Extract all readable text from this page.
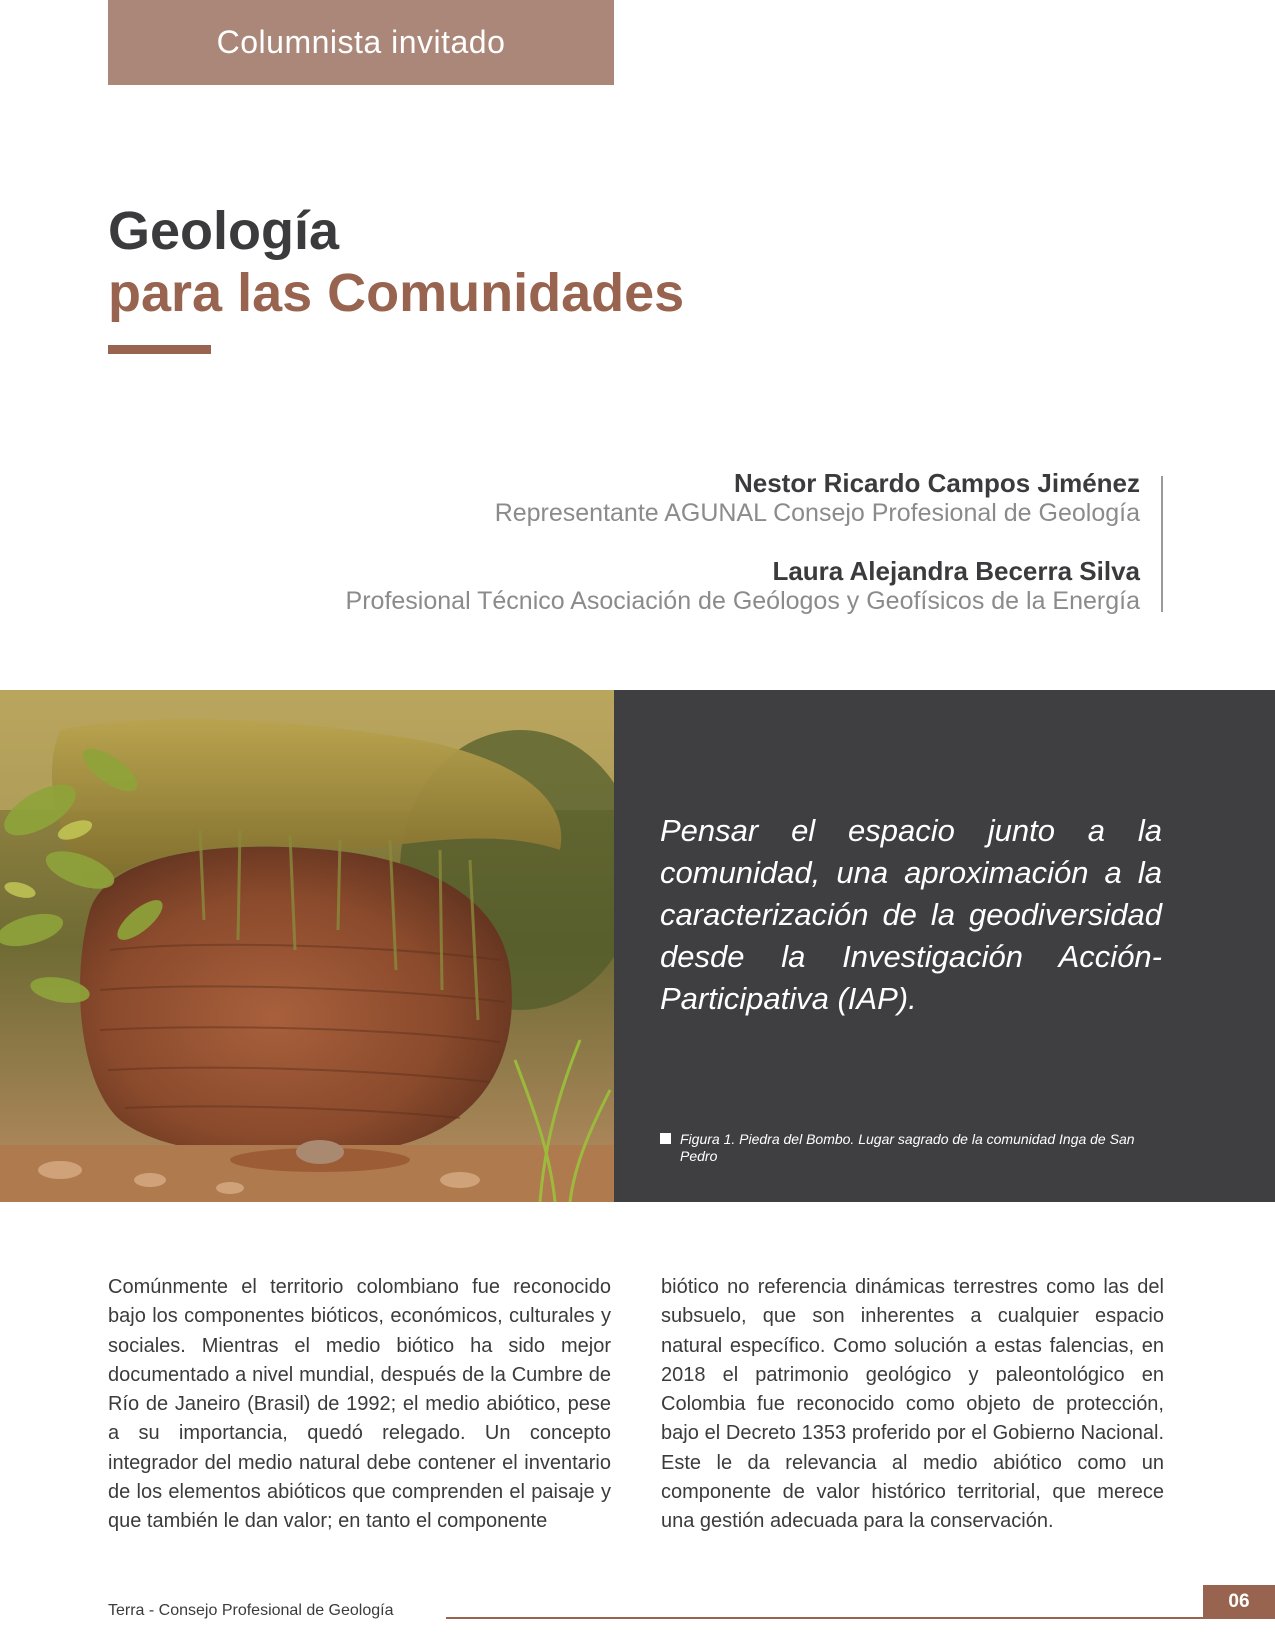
Columnista invitado
Geología
para las Comunidades
Nestor Ricardo Campos Jiménez
Representante AGUNAL Consejo Profesional de Geología
Laura Alejandra Becerra Silva
Profesional Técnico Asociación de Geólogos y Geofísicos de la Energía

Pensar el espacio junto a la comunidad, una aproximación a la caracterización de la geodiversidad desde la Investigación Acción-Participativa (IAP).

Figura 1. Piedra del Bombo. Lugar sagrado de la comunidad Inga de San Pedro

Comúnmente el territorio colombiano fue reconocido bajo los componentes bióticos, económicos, culturales y sociales. Mientras el medio biótico ha sido mejor documentado a nivel mundial, después de la Cumbre de Río de Janeiro (Brasil) de 1992; el medio abiótico, pese a su importancia, quedó relegado. Un concepto integrador del medio natural debe contener el inventario de los elementos abióticos que comprenden el paisaje y que también le dan valor; en tanto el componente

biótico no referencia dinámicas terrestres como las del subsuelo, que son inherentes a cualquier espacio natural específico. Como solución a estas falencias, en 2018 el patrimonio geológico y paleontológico en Colombia fue reconocido como objeto de protección, bajo el Decreto 1353 proferido por el Gobierno Nacional. Este le da relevancia al medio abiótico como un componente de valor histórico territorial, que merece una gestión adecuada para la conservación.

Terra - Consejo Profesional de Geología	06
